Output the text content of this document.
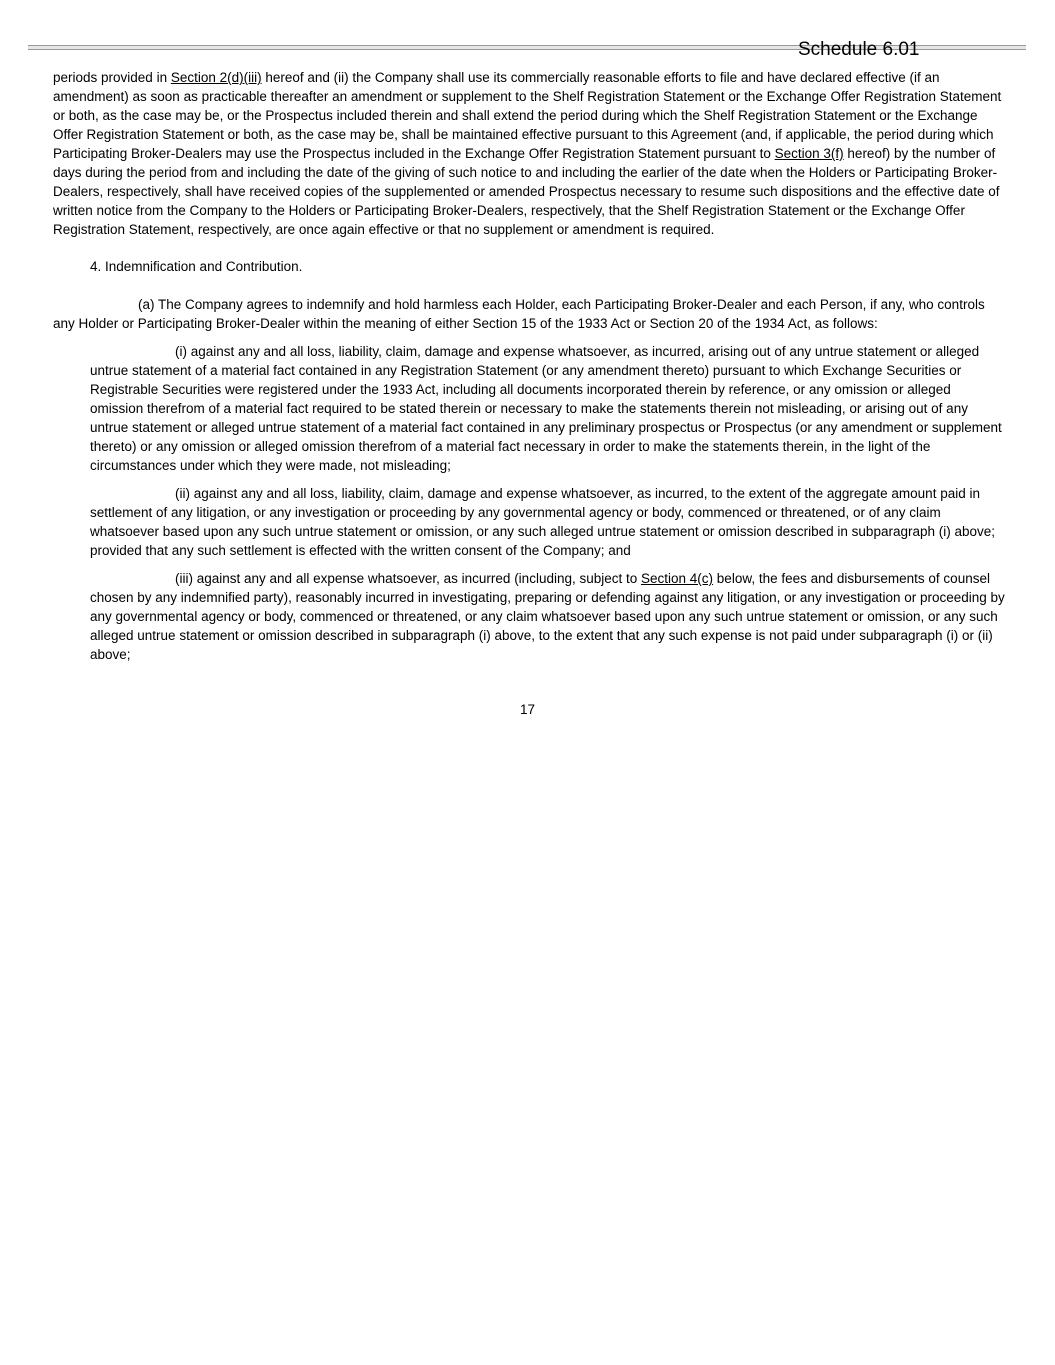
Schedule 6.01

periods provided in Section 2(d)(iii) hereof and (ii) the Company shall use its commercially reasonable efforts to file and have declared effective (if an amendment) as soon as practicable thereafter an amendment or supplement to the Shelf Registration Statement or the Exchange Offer Registration Statement or both, as the case may be, or the Prospectus included therein and shall extend the period during which the Shelf Registration Statement or the Exchange Offer Registration Statement or both, as the case may be, shall be maintained effective pursuant to this Agreement (and, if applicable, the period during which Participating Broker-Dealers may use the Prospectus included in the Exchange Offer Registration Statement pursuant to Section 3(f) hereof) by the number of days during the period from and including the date of the giving of such notice to and including the earlier of the date when the Holders or Participating Broker-Dealers, respectively, shall have received copies of the supplemented or amended Prospectus necessary to resume such dispositions and the effective date of written notice from the Company to the Holders or Participating Broker-Dealers, respectively, that the Shelf Registration Statement or the Exchange Offer Registration Statement, respectively, are once again effective or that no supplement or amendment is required.

4. Indemnification and Contribution.

(a) The Company agrees to indemnify and hold harmless each Holder, each Participating Broker-Dealer and each Person, if any, who controls any Holder or Participating Broker-Dealer within the meaning of either Section 15 of the 1933 Act or Section 20 of the 1934 Act, as follows:

(i) against any and all loss, liability, claim, damage and expense whatsoever, as incurred, arising out of any untrue statement or alleged untrue statement of a material fact contained in any Registration Statement (or any amendment thereto) pursuant to which Exchange Securities or Registrable Securities were registered under the 1933 Act, including all documents incorporated therein by reference, or any omission or alleged omission therefrom of a material fact required to be stated therein or necessary to make the statements therein not misleading, or arising out of any untrue statement or alleged untrue statement of a material fact contained in any preliminary prospectus or Prospectus (or any amendment or supplement thereto) or any omission or alleged omission therefrom of a material fact necessary in order to make the statements therein, in the light of the circumstances under which they were made, not misleading;

(ii) against any and all loss, liability, claim, damage and expense whatsoever, as incurred, to the extent of the aggregate amount paid in settlement of any litigation, or any investigation or proceeding by any governmental agency or body, commenced or threatened, or of any claim whatsoever based upon any such untrue statement or omission, or any such alleged untrue statement or omission described in subparagraph (i) above; provided that any such settlement is effected with the written consent of the Company; and

(iii) against any and all expense whatsoever, as incurred (including, subject to Section 4(c) below, the fees and disbursements of counsel chosen by any indemnified party), reasonably incurred in investigating, preparing or defending against any litigation, or any investigation or proceeding by any governmental agency or body, commenced or threatened, or any claim whatsoever based upon any such untrue statement or omission, or any such alleged untrue statement or omission described in subparagraph (i) above, to the extent that any such expense is not paid under subparagraph (i) or (ii) above;

17
